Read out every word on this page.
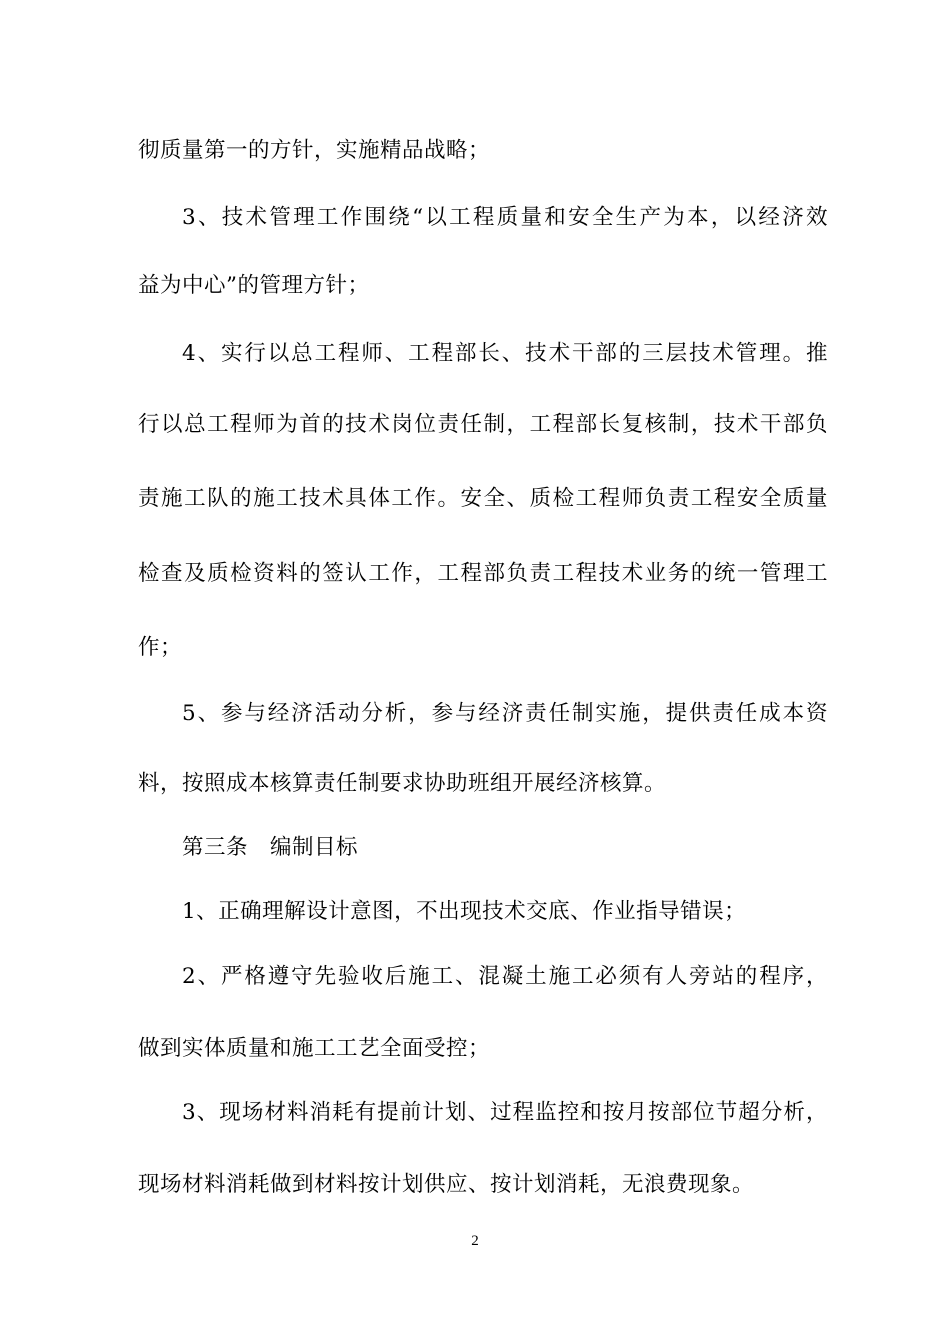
彻质量第一的方针，实施精品战略；
3、技术管理工作围绕“以工程质量和安全生产为本，以经济效
益为中心”的管理方针；
4、实行以总工程师、工程部长、技术干部的三层技术管理。推
行以总工程师为首的技术岗位责任制，工程部长复核制，技术干部负
责施工队的施工技术具体工作。安全、质检工程师负责工程安全质量
检查及质检资料的签认工作，工程部负责工程技术业务的统一管理工
作；
5、参与经济活动分析，参与经济责任制实施，提供责任成本资
料，按照成本核算责任制要求协助班组开展经济核算。
第三条　编制目标
1、正确理解设计意图，不出现技术交底、作业指导错误；
2、严格遵守先验收后施工、混凝土施工必须有人旁站的程序，
做到实体质量和施工工艺全面受控；
3、现场材料消耗有提前计划、过程监控和按月按部位节超分析，
现场材料消耗做到材料按计划供应、按计划消耗，无浪费现象。
2
